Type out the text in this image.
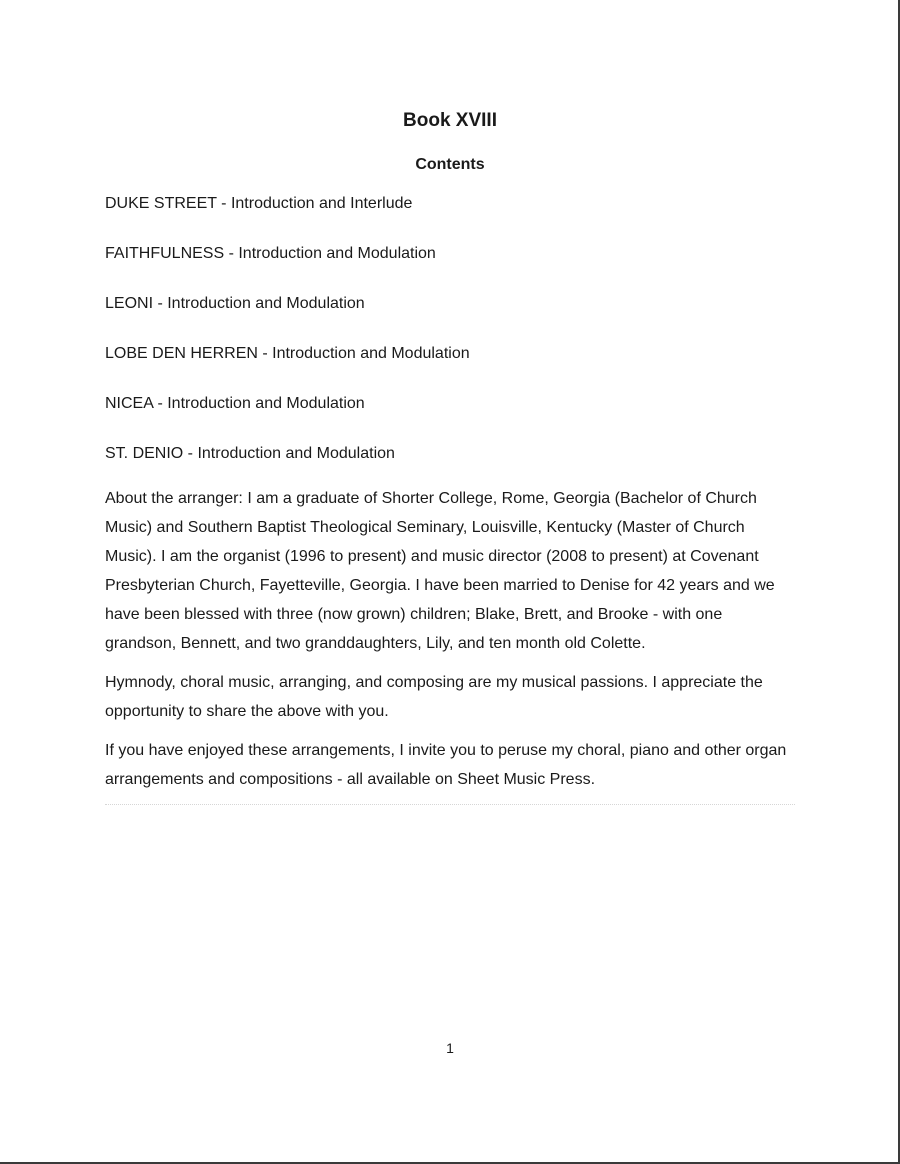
Book XVIII
Contents
DUKE STREET - Introduction and Interlude
FAITHFULNESS - Introduction and Modulation
LEONI - Introduction and Modulation
LOBE DEN HERREN - Introduction and Modulation
NICEA - Introduction and Modulation
ST. DENIO - Introduction and Modulation

About the arranger: I am a graduate of Shorter College, Rome, Georgia (Bachelor of Church Music) and Southern Baptist Theological Seminary, Louisville, Kentucky (Master of Church Music). I am the organist (1996 to present) and music director (2008 to present) at Covenant Presbyterian Church, Fayetteville, Georgia. I have been married to Denise for 42 years and we have been blessed with three (now grown) children; Blake, Brett, and Brooke - with one grandson, Bennett, and two granddaughters, Lily, and ten month old Colette.

Hymnody, choral music, arranging, and composing are my musical passions. I appreciate the opportunity to share the above with you.

If you have enjoyed these arrangements, I invite you to peruse my choral, piano and other organ arrangements and compositions - all available on Sheet Music Press.

1
